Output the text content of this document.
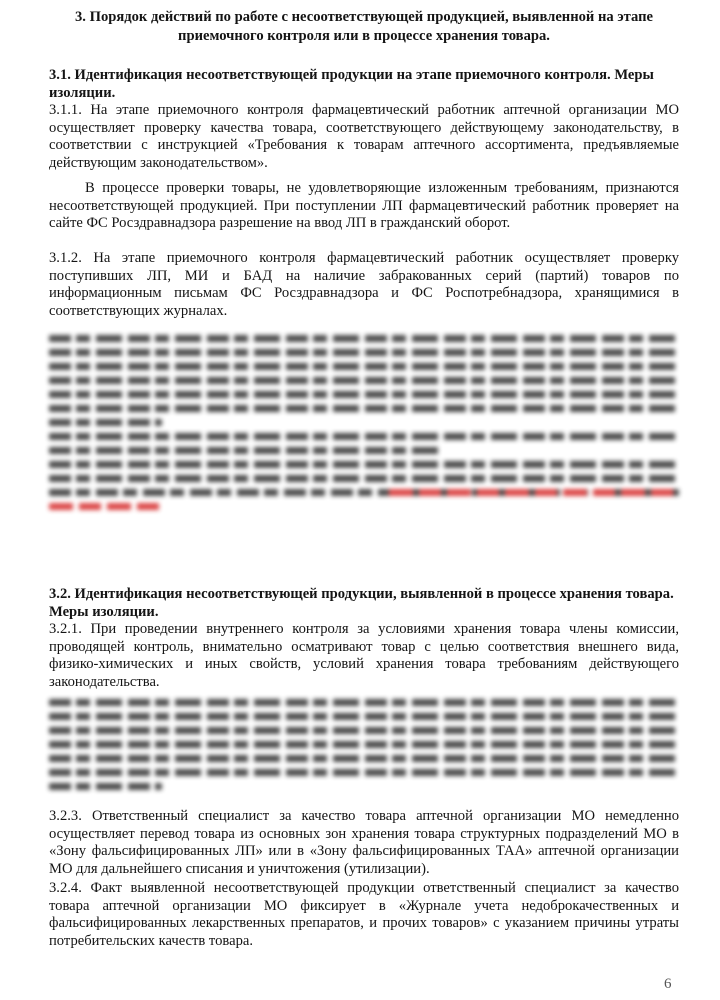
3. Порядок действий по работе с несоответствующей продукцией, выявленной на этапе приемочного контроля или в процессе хранения товара.
3.1. Идентификация несоответствующей продукции на этапе приемочного контроля. Меры изоляции.

3.1.1. На этапе приемочного контроля фармацевтический работник аптечной организации МО осуществляет проверку качества товара, соответствующего действующему законодательству, в соответствии с инструкцией «Требования к товарам аптечного ассортимента, предъявляемые действующим законодательством».

В процессе проверки товары, не удовлетворяющие изложенным требованиям, признаются несоответствующей продукцией. При поступлении ЛП фармацевтический работник проверяет на сайте ФС Росздравнадзора разрешение на ввод ЛП в гражданский оборот.

3.1.2. На этапе приемочного контроля фармацевтический работник осуществляет проверку поступивших ЛП, МИ и БАД на наличие забракованных серий (партий) товаров по информационным письмам ФС Росздравнадзора и ФС Роспотребнадзора, хранящимися в соответствующих журналах.

3.2. Идентификация несоответствующей продукции, выявленной в процессе хранения товара. Меры изоляции.

3.2.1. При проведении внутреннего контроля за условиями хранения товара члены комиссии, проводящей контроль, внимательно осматривают товар с целью соответствия внешнего вида, физико-химических и иных свойств, условий хранения товара требованиям действующего законодательства.

3.2.3. Ответственный специалист за качество товара аптечной организации МО немедленно осуществляет перевод товара из основных зон хранения товара структурных подразделений МО в «Зону фальсифицированных ЛП» или в «Зону фальсифицированных ТАА» аптечной организации МО для дальнейшего списания и уничтожения (утилизации).

3.2.4. Факт выявленной несоответствующей продукции ответственный специалист за качество товара аптечной организации МО фиксирует в «Журнале учета недоброкачественных и фальсифицированных лекарственных препаратов, и прочих товаров» с указанием причины утраты потребительских качеств товара.

6
